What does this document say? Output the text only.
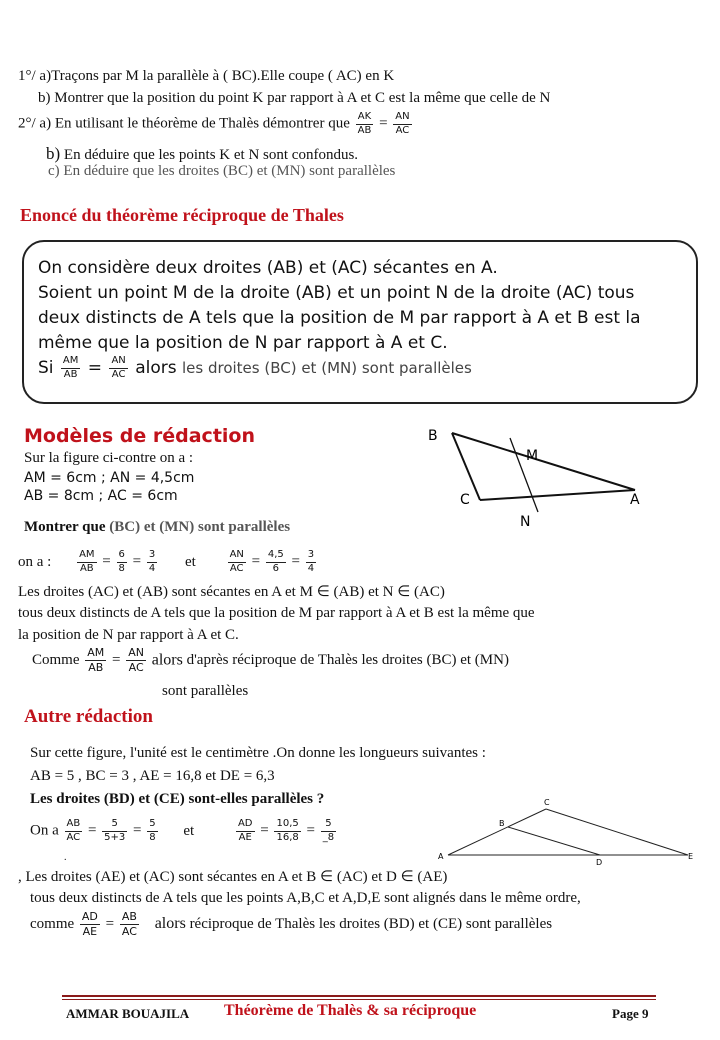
1°/ a)Traçons par M la parallèle à ( BC).Elle coupe ( AC) en K
b) Montrer que la position du point K par rapport à A et C est la même que celle de N
2°/ a) En utilisant le théorème de Thalès démontrer que $\frac{AK}{AB} = \frac{AN}{AC}$
b) En déduire que les points K et N sont confondus.
c) En déduire que les droites (BC) et (MN) sont parallèles
Enoncé du théorème réciproque de Thales
On considère deux droites (AB) et (AC) sécantes en A.
Soient un point M de la droite (AB) et un point N de la droite (AC) tous
deux distincts de A tels que la position de M par rapport à A et B est la
même que la position de N par rapport à A et C.
Si $\frac{AM}{AB} = \frac{AN}{AC}$ alors les droites (BC) et (MN) sont parallèles
Modèles de rédaction
Sur la figure ci-contre on a :
AM = 6cm ; AN = 4,5cm
AB = 8cm ; AC = 6cm
Montrer que (BC) et (MN) sont parallèles
B
M
C	A
N
on a :	$\frac{AM}{AB} = \frac{6}{8} = \frac{3}{4}$ et	$\frac{AN}{AC} = \frac{4,5}{6} = \frac{3}{4}$
Les droites (AC) et (AB) sont sécantes en A et M ∈ (AB) et N ∈ (AC)
tous deux distincts de A tels que la position de M par rapport à A et B est la même que
la position de N par rapport à A et C.
Comme $\frac{AM}{AB} = \frac{AN}{AC}$ alors d'après réciproque de Thalès les droites (BC) et (MN)
sont parallèles
Autre rédaction
Sur cette figure, l'unité est le centimètre .On donne les longueurs suivantes :
AB = 5 , BC = 3 , AE = 16,8 et DE = 6,3
Les droites (BD) et (CE) sont-elles parallèles ?
On a $\frac{AB}{AC} = \frac{5}{5+3} = \frac{5}{8}$ et	$\frac{AD}{AE} = \frac{10,5}{16,8} = \frac{5}{\_8}$
.	A
B
C
D
E
, Les droites (AE) et (AC) sont sécantes en A et B ∈ (AC) et D ∈ (AE)
tous deux distincts de A tels que les points A,B,C et A,D,E sont alignés dans le même ordre,
comme $\frac{AD}{AE} = \frac{AB}{AC}$ alors réciproque de Thalès les droites (BD) et (CE) sont parallèles
AMMAR BOUAJILA Théorème de Thalès & sa réciproque	Page 9
